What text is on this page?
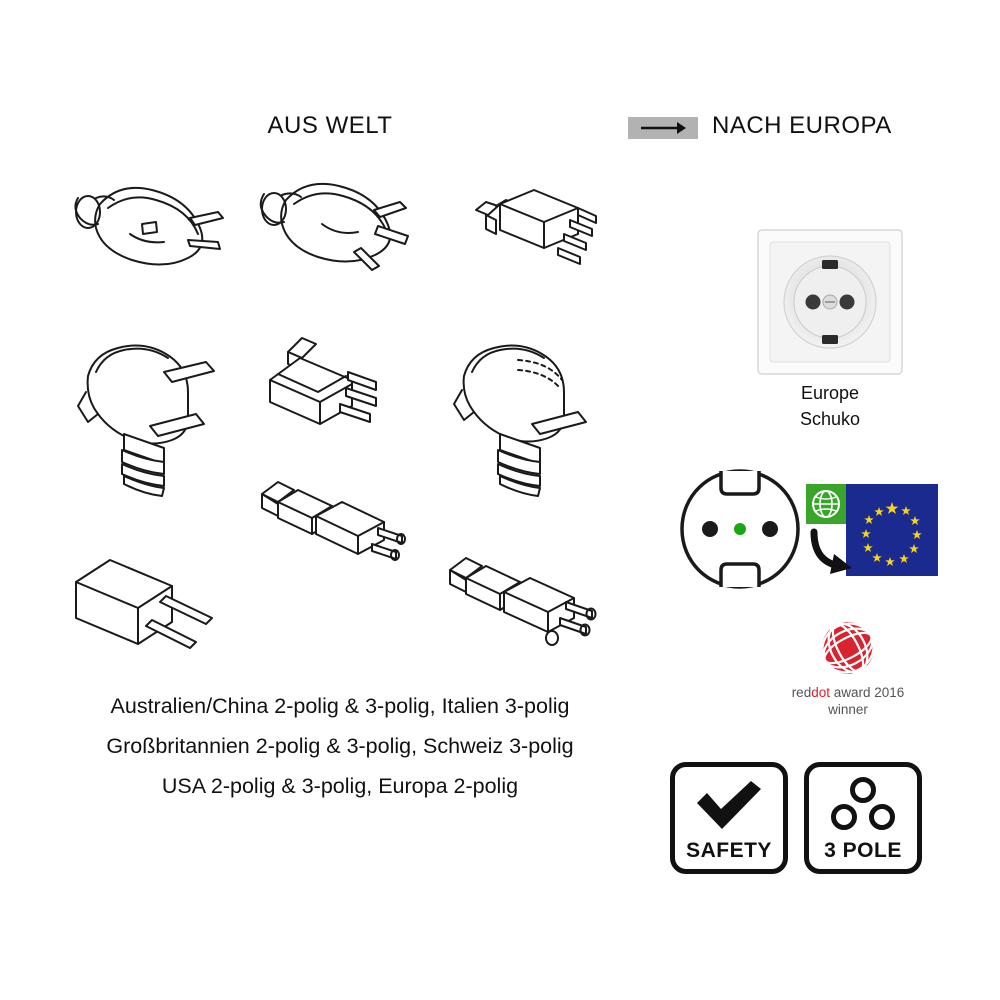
AUS WELT	NACH EUROPA
Australien/China 2-polig & 3-polig, Italien 3-polig
Großbritannien 2-polig & 3-polig, Schweiz 3-polig
USA 2-polig & 3-polig, Europa 2-polig
Europe
Schuko
reddot award 2016
winner
SAFETY	3 POLE
